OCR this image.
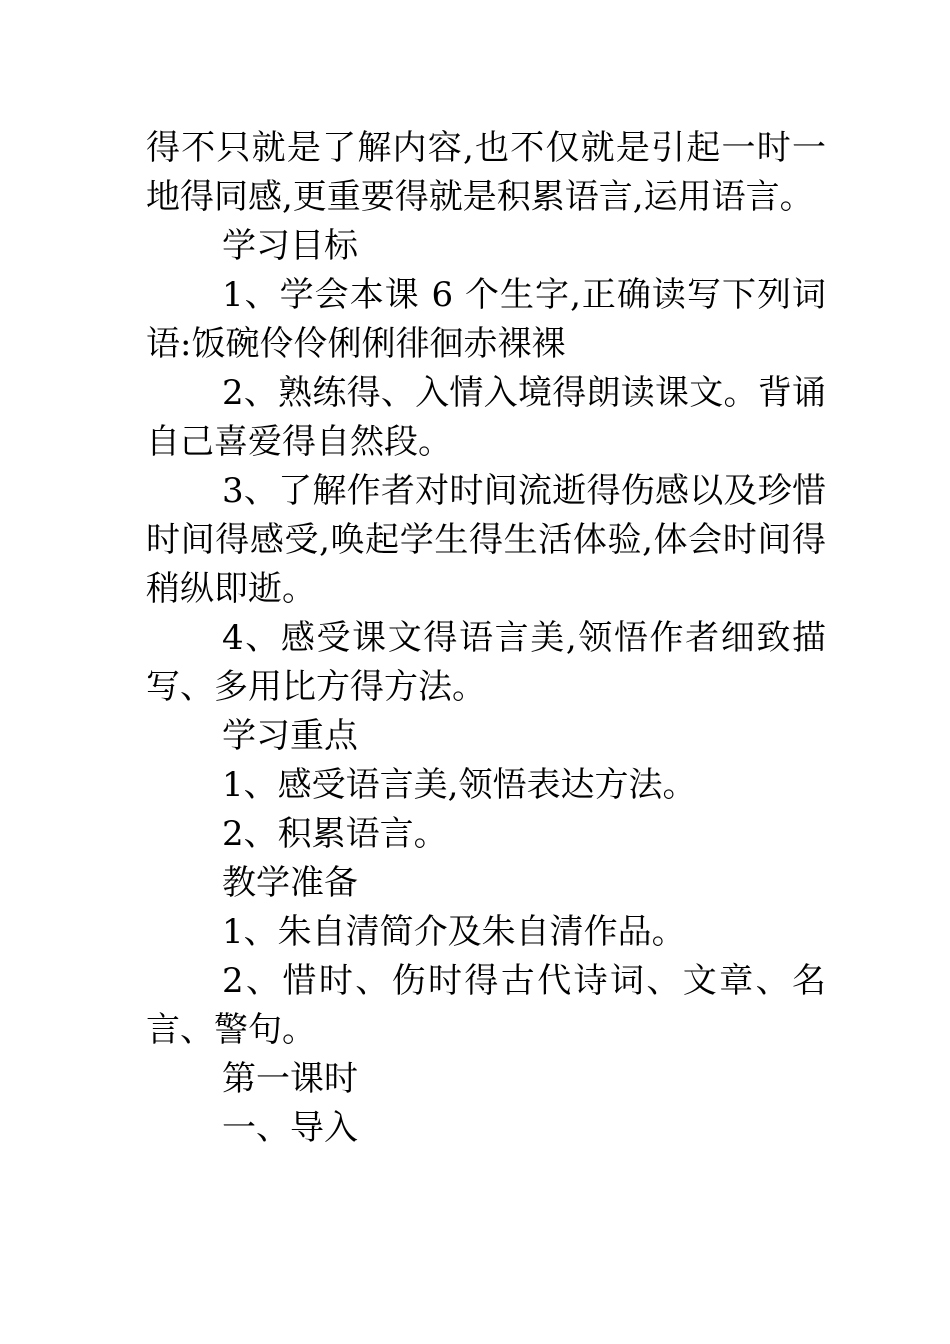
得不只就是了解内容,也不仅就是引起一时一地得同感,更重要得就是积累语言,运用语言。

学习目标

1、学会本课 6 个生字,正确读写下列词语:饭碗伶伶俐俐徘徊赤裸裸

2、熟练得、入情入境得朗读课文。背诵自己喜爱得自然段。

3、了解作者对时间流逝得伤感以及珍惜时间得感受,唤起学生得生活体验,体会时间得稍纵即逝。

4、感受课文得语言美,领悟作者细致描写、多用比方得方法。

学习重点

1、感受语言美,领悟表达方法。

2、积累语言。

教学准备

1、朱自清简介及朱自清作品。

2、惜时、伤时得古代诗词、文章、名言、警句。

第一课时

一、导入
